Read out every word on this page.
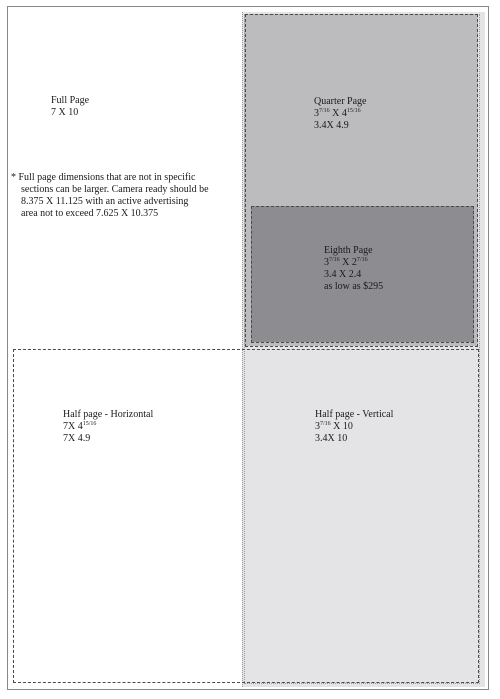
Full Page
7 X 10
* Full page dimensions that are not in specific
sections can be larger. Camera ready should be
8.375 X 11.125 with an active advertising
area not to exceed 7.625 X 10.375
Quarter Page
$3^{7/16}$ X $4^{15/16}$
3.4X 4.9
Eighth Page
$3^{7/16}$ X $2^{7/16}$
3.4 X 2.4
as low as $295
Half page - Horizontal
7X $4^{15/16}$
7X 4.9
Half page - Vertical
$3^{7/16}$ X 10
3.4X 10
